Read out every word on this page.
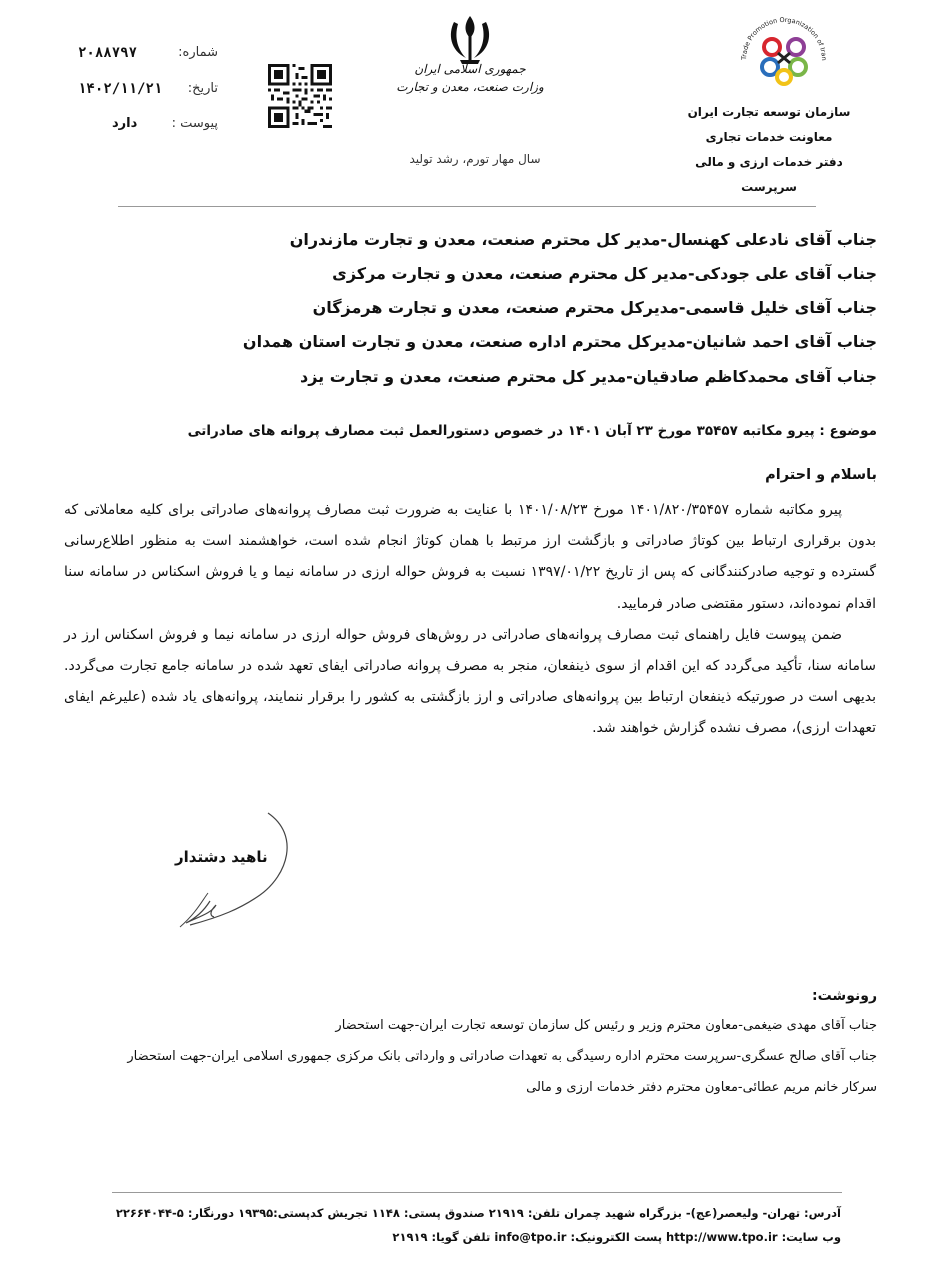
Trade Promotion Organization of Iran
سازمان توسعه تجارت ایران
معاونت خدمات تجاری
دفتر خدمات ارزی و مالی
سرپرست
جمهوری اسلامی ایران
وزارت صنعت، معدن و تجارت
سال مهار تورم، رشد تولید
شماره:
۲۰۸۸۷۹۷
تاریخ:
۱۴۰۲/۱۱/۲۱
پیوست :
دارد
جناب آقای نادعلی کهنسال-مدیر کل محترم صنعت، معدن و تجارت مازندران
جناب آقای علی جودکی-مدیر کل محترم صنعت، معدن و تجارت مرکزی
جناب آقای خلیل قاسمی-مدیرکل محترم صنعت، معدن و تجارت هرمزگان
جناب آقای احمد شانیان-مدیرکل محترم اداره صنعت، معدن و تجارت استان همدان
جناب آقای محمدکاظم صادقیان-مدیر کل محترم صنعت، معدن و تجارت یزد
موضوع : پیرو مکاتبه ۳۵۴۵۷ مورخ ۲۳ آبان ۱۴۰۱ در خصوص دستورالعمل ثبت مصارف پروانه های صادراتی
باسلام و احترام

پیرو مکاتبه شماره ۱۴۰۱/۸۲۰/۳۵۴۵۷ مورخ ۱۴۰۱/۰۸/۲۳ با عنایت به ضرورت ثبت مصارف پروانه‌های صادراتی برای کلیه معاملاتی که بدون برقراری ارتباط بین کوتاژ صادراتی و بازگشت ارز مرتبط با همان کوتاژ انجام شده است، خواهشمند است به منظور اطلاع‌رسانی گسترده و توجیه صادرکنندگانی که پس از تاریخ ۱۳۹۷/۰۱/۲۲ نسبت به فروش حواله ارزی در سامانه نیما و یا فروش اسکناس در سامانه سنا اقدام نموده‌اند، دستور مقتضی صادر فرمایید.

ضمن پیوست فایل راهنمای ثبت مصارف پروانه‌های صادراتی در روش‌های فروش حواله ارزی در سامانه نیما و فروش اسکناس ارز در سامانه سنا، تأکید می‌گردد که این اقدام از سوی ذینفعان، منجر به مصرف پروانه صادراتی ایفای تعهد شده در سامانه جامع تجارت می‌گردد. بدیهی است در صورتیکه ذینفعان ارتباط بین پروانه‌های صادراتی و ارز بازگشتی به کشور را برقرار ننمایند، پروانه‌های یاد شده (علیرغم ایفای تعهدات ارزی)، مصرف نشده گزارش خواهند شد.

ناهید دشتدار
رونوشت:
جناب آقای مهدی ضیغمی-معاون محترم وزیر و رئیس کل سازمان توسعه تجارت ایران-جهت استحضار
جناب آقای صالح عسگری-سرپرست محترم اداره رسیدگی به تعهدات صادراتی و وارداتی بانک مرکزی جمهوری اسلامی ایران-جهت استحضار
سرکار خانم مریم عطائی-معاون محترم دفتر خدمات ارزی و مالی
آدرس: تهران- ولیعصر(عج)- بزرگراه شهید چمران تلفن: ۲۱۹۱۹ صندوق پستی: ۱۱۴۸ تجریش کدپستی:۱۹۳۹۵ دورنگار: ۵-۲۲۶۶۴۰۴۴
وب سایت: http://www.tpo.ir پست الکترونیک: info@tpo.ir تلفن گویا: ۲۱۹۱۹
